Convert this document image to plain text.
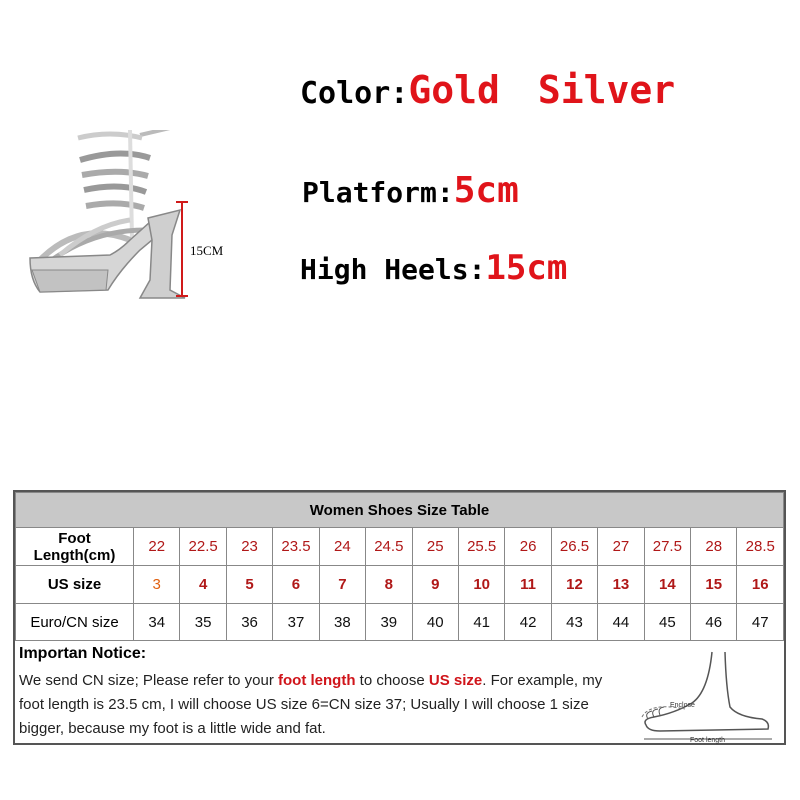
15CM
Color:Gold Silver
Platform:5cm
High Heels:15cm
Women Shoes Size Table														
Foot Length(cm)	22	22.5	23	23.5	24	24.5	25	25.5	26	26.5	27	27.5	28	28.5
US size	3	4	5	6	7	8	9	10	11	12	13	14	15	16
Euro/CN size	34	35	36	37	38	39	40	41	42	43	44	45	46	47
Importan Notice:
We send CN size; Please refer to your foot length to choose US size. For example, my foot length is 23.5 cm, I will choose US size 6=CN size 37; Usually I will choose 1 size bigger, because my foot is a little wide and fat.
Enclose
Foot length
